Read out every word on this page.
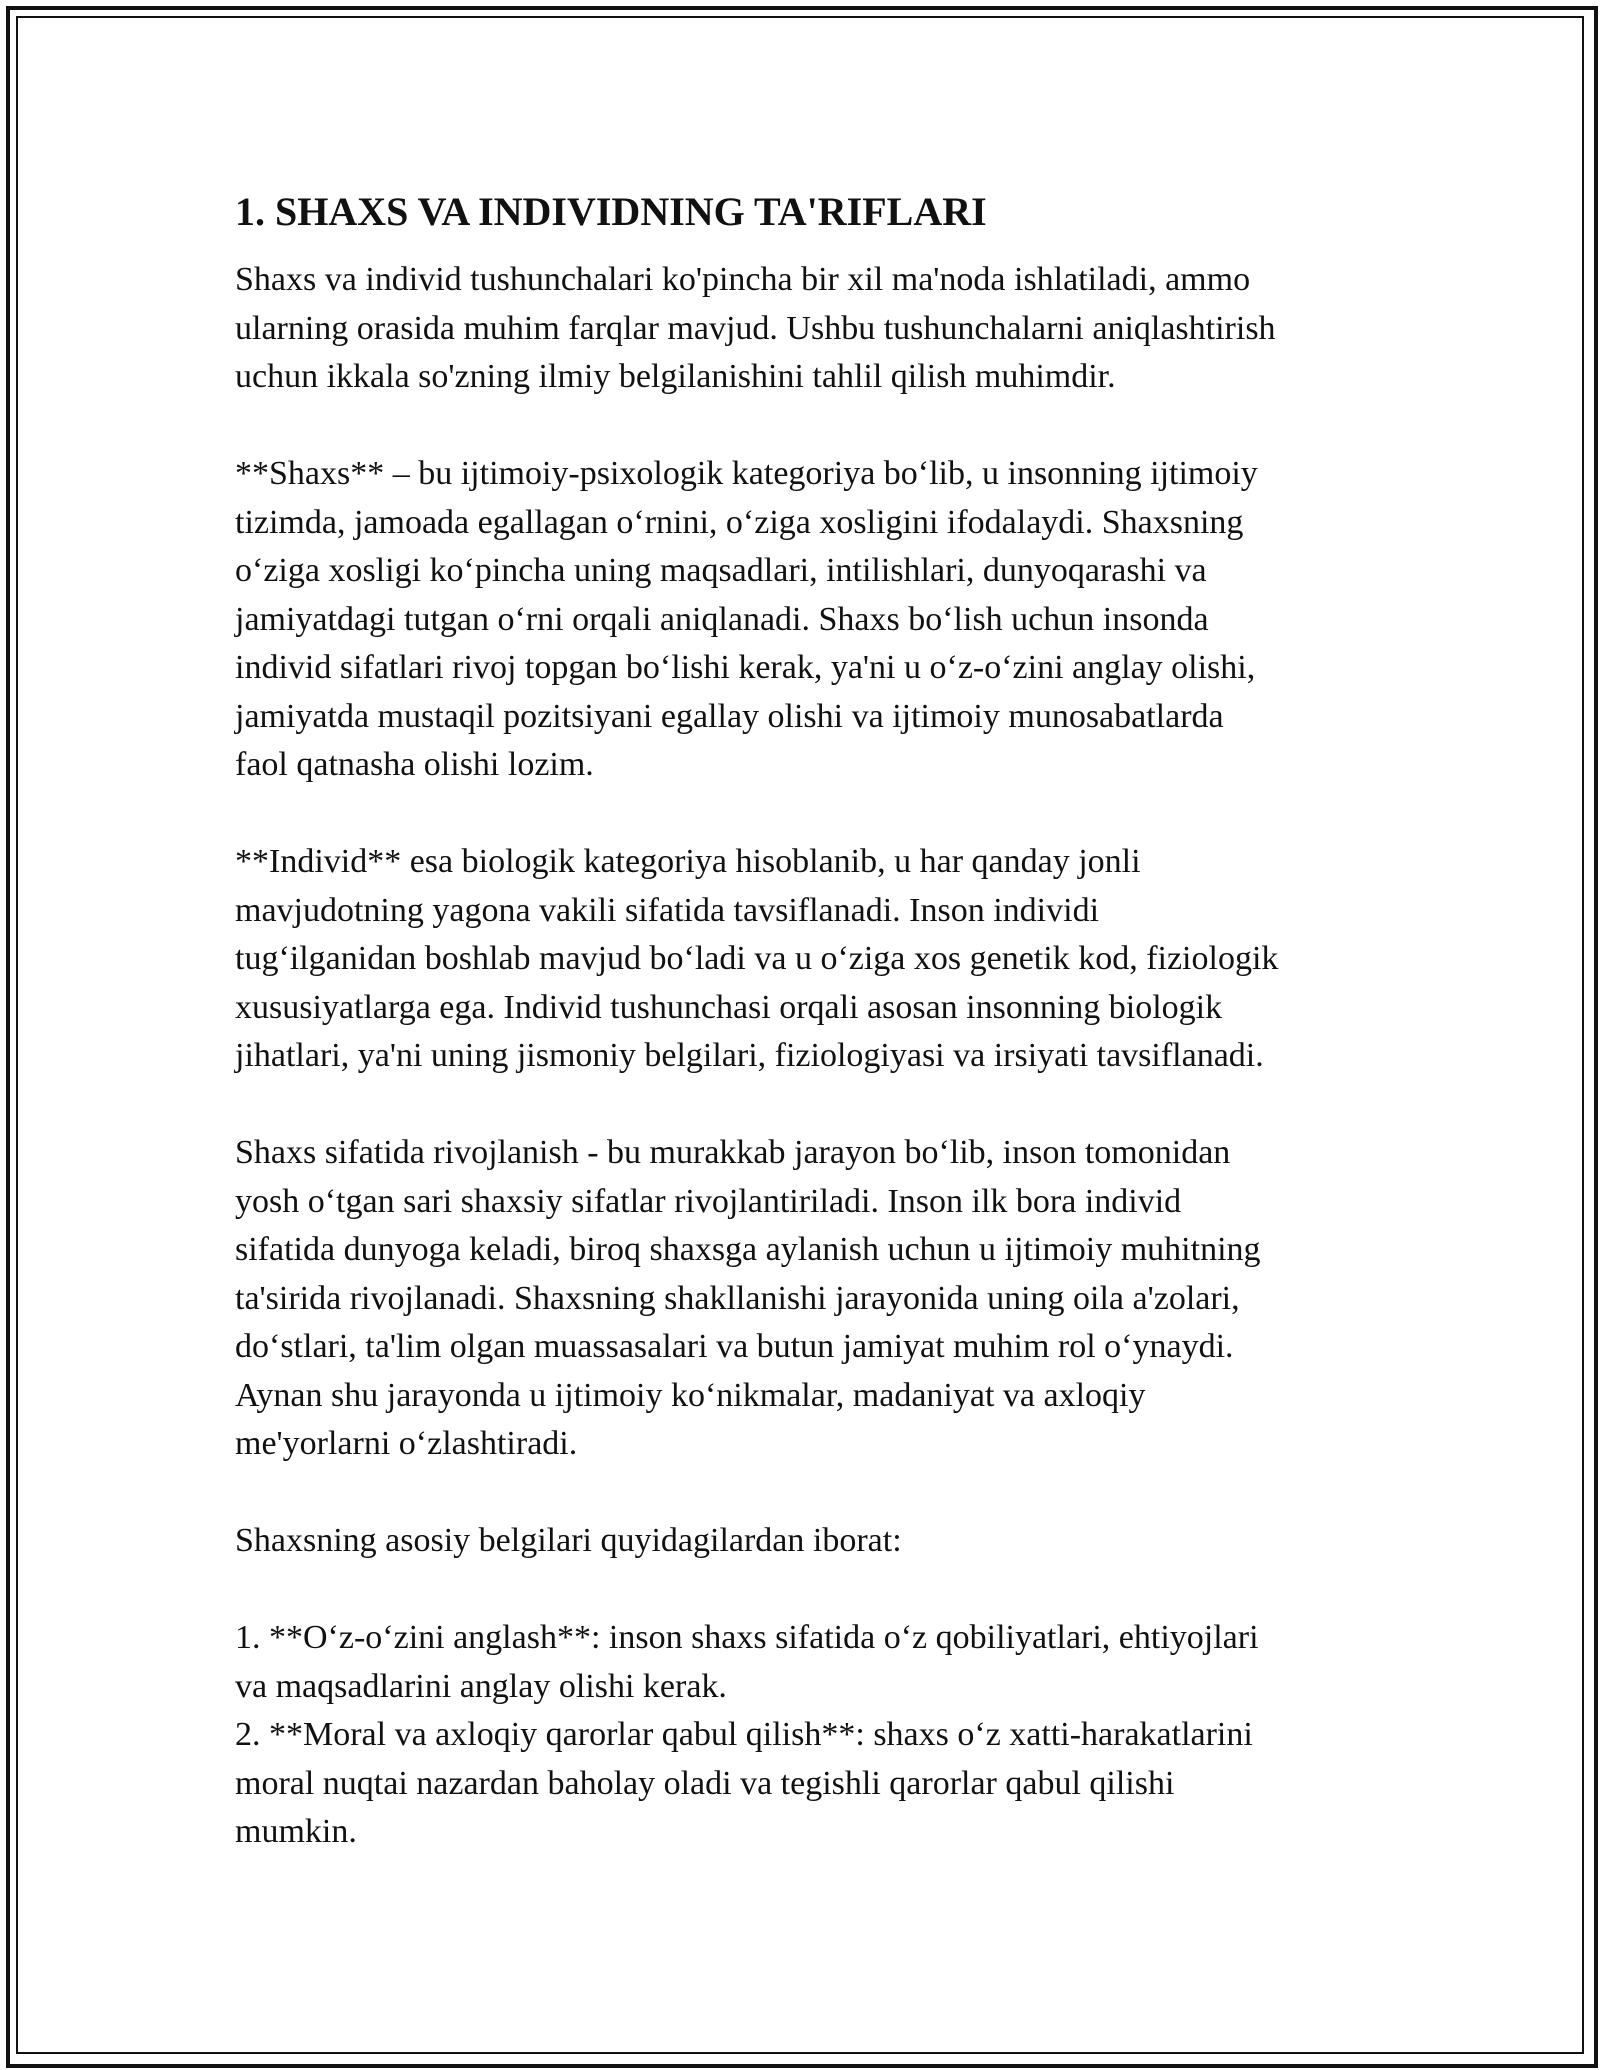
1. SHAXS VA INDIVIDNING TA'RIFLARI

Shaxs va individ tushunchalari ko'pincha bir xil ma'noda ishlatiladi, ammo
ularning orasida muhim farqlar mavjud. Ushbu tushunchalarni aniqlashtirish
uchun ikkala so'zning ilmiy belgilanishini tahlil qilish muhimdir.

**Shaxs** – bu ijtimoiy-psixologik kategoriya bo‘lib, u insonning ijtimoiy
tizimda, jamoada egallagan o‘rnini, o‘ziga xosligini ifodalaydi. Shaxsning
o‘ziga xosligi ko‘pincha uning maqsadlari, intilishlari, dunyoqarashi va
jamiyatdagi tutgan o‘rni orqali aniqlanadi. Shaxs bo‘lish uchun insonda
individ sifatlari rivoj topgan bo‘lishi kerak, ya'ni u o‘z-o‘zini anglay olishi,
jamiyatda mustaqil pozitsiyani egallay olishi va ijtimoiy munosabatlarda
faol qatnasha olishi lozim.

**Individ** esa biologik kategoriya hisoblanib, u har qanday jonli
mavjudotning yagona vakili sifatida tavsiflanadi. Inson individi
tug‘ilganidan boshlab mavjud bo‘ladi va u o‘ziga xos genetik kod, fiziologik
xususiyatlarga ega. Individ tushunchasi orqali asosan insonning biologik
jihatlari, ya'ni uning jismoniy belgilari, fiziologiyasi va irsiyati tavsiflanadi.

Shaxs sifatida rivojlanish - bu murakkab jarayon bo‘lib, inson tomonidan
yosh o‘tgan sari shaxsiy sifatlar rivojlantiriladi. Inson ilk bora individ
sifatida dunyoga keladi, biroq shaxsga aylanish uchun u ijtimoiy muhitning
ta'sirida rivojlanadi. Shaxsning shakllanishi jarayonida uning oila a'zolari,
do‘stlari, ta'lim olgan muassasalari va butun jamiyat muhim rol o‘ynaydi.
Aynan shu jarayonda u ijtimoiy ko‘nikmalar, madaniyat va axloqiy
me'yorlarni o‘zlashtiradi.

Shaxsning asosiy belgilari quyidagilardan iborat:

1. **O‘z-o‘zini anglash**: inson shaxs sifatida o‘z qobiliyatlari, ehtiyojlari
va maqsadlarini anglay olishi kerak.
2. **Moral va axloqiy qarorlar qabul qilish**: shaxs o‘z xatti-harakatlarini
moral nuqtai nazardan baholay oladi va tegishli qarorlar qabul qilishi
mumkin.
